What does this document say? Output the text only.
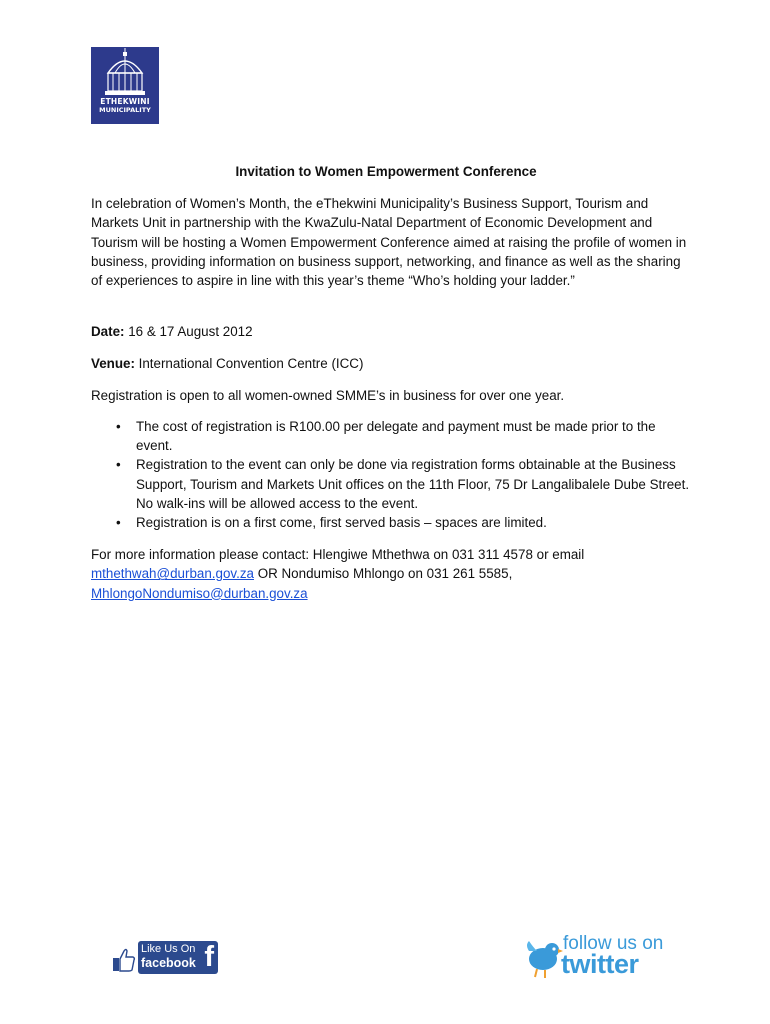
ETHEKWINI
MUNICIPALITY
Invitation to Women Empowerment Conference

In celebration of Women’s Month, the eThekwini Municipality’s Business Support, Tourism and Markets Unit in partnership with the KwaZulu-Natal Department of Economic Development and Tourism will be hosting a Women Empowerment Conference aimed at raising the profile of women in business, providing information on business support, networking, and finance as well as the sharing of experiences to aspire in line with this year’s theme “Who’s holding your ladder.”

Date: 16 & 17 August 2012
Venue: International Convention Centre (ICC)
Registration is open to all women-owned SMME’s in business for over one year.
• The cost of registration is R100.00 per delegate and payment must be made prior to the event.
• Registration to the event can only be done via registration forms obtainable at the Business Support, Tourism and Markets Unit offices on the 11th Floor, 75 Dr Langalibalele Dube Street. No walk-ins will be allowed access to the event.
• Registration is on a first come, first served basis – spaces are limited.
For more information please contact: Hlengiwe Mthethwa on 031 311 4578 or email
mthethwah@durban.gov.za OR Nondumiso Mhlongo on 031 261 5585,
MhlongoNondumiso@durban.gov.za
Like Us On
facebook f	follow us on
twitter
